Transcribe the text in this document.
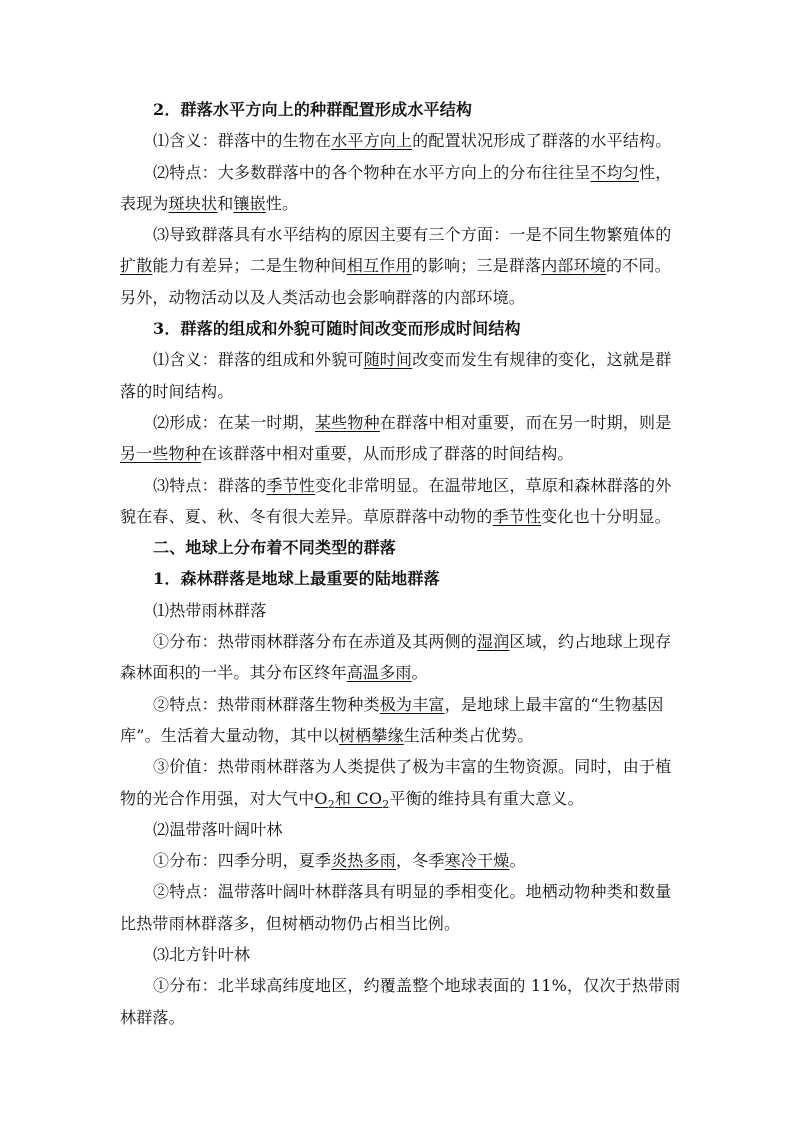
2．群落水平方向上的种群配置形成水平结构
⑴含义：群落中的生物在水平方向上的配置状况形成了群落的水平结构。
⑵特点：大多数群落中的各个物种在水平方向上的分布往往呈不均匀性，
表现为斑块状和镶嵌性。
⑶导致群落具有水平结构的原因主要有三个方面：一是不同生物繁殖体的
扩散能力有差异；二是生物种间相互作用的影响；三是群落内部环境的不同。
另外，动物活动以及人类活动也会影响群落的内部环境。
3．群落的组成和外貌可随时间改变而形成时间结构
⑴含义：群落的组成和外貌可随时间改变而发生有规律的变化，这就是群
落的时间结构。
⑵形成：在某一时期，某些物种在群落中相对重要，而在另一时期，则是
另一些物种在该群落中相对重要，从而形成了群落的时间结构。
⑶特点：群落的季节性变化非常明显。在温带地区，草原和森林群落的外
貌在春、夏、秋、冬有很大差异。草原群落中动物的季节性变化也十分明显。
二、地球上分布着不同类型的群落
1．森林群落是地球上最重要的陆地群落
⑴热带雨林群落
①分布：热带雨林群落分布在赤道及其两侧的湿润区域，约占地球上现存
森林面积的一半。其分布区终年高温多雨。
②特点：热带雨林群落生物种类极为丰富，是地球上最丰富的“生物基因
库”。生活着大量动物，其中以树栖攀缘生活种类占优势。
③价值：热带雨林群落为人类提供了极为丰富的生物资源。同时，由于植
物的光合作用强，对大气中$O_2$和 $CO_2$平衡的维持具有重大意义。
⑵温带落叶阔叶林
①分布：四季分明，夏季炎热多雨，冬季寒冷干燥。
②特点：温带落叶阔叶林群落具有明显的季相变化。地栖动物种类和数量
比热带雨林群落多，但树栖动物仍占相当比例。
⑶北方针叶林
①分布：北半球高纬度地区，约覆盖整个地球表面的 11%，仅次于热带雨
林群落。
